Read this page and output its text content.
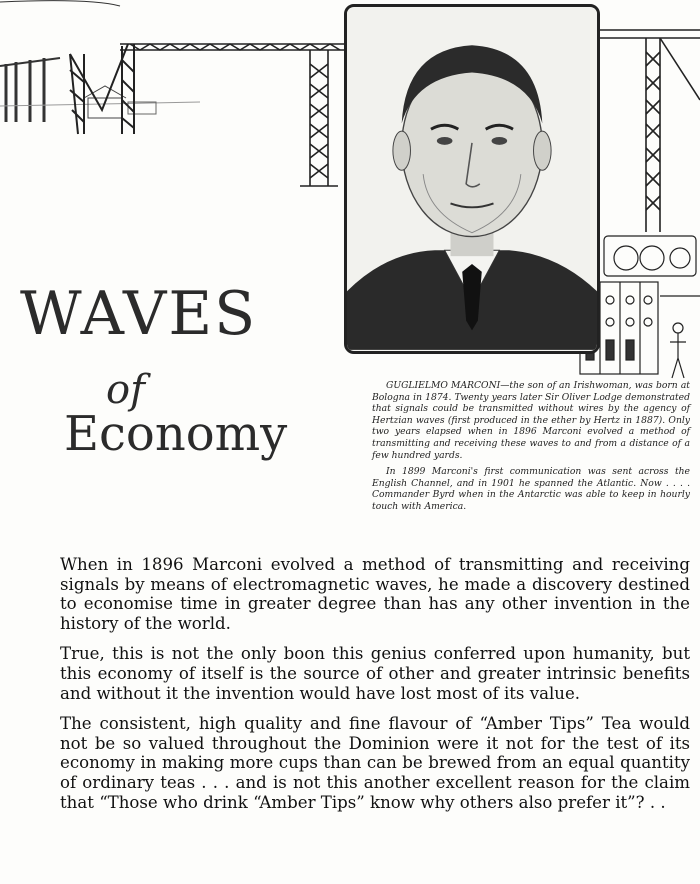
WAVES
of
Economy

GUGLIELMO MARCONI—the son of an Irishwoman, was born at Bologna in 1874. Twenty years later Sir Oliver Lodge demonstrated that signals could be transmitted without wires by the agency of Hertzian waves (first produced in the ether by Hertz in 1887). Only two years elapsed when in 1896 Marconi evolved a method of transmitting and receiving these waves to and from a distance of a few hundred yards.

In 1899 Marconi's first communication was sent across the English Channel, and in 1901 he spanned the Atlantic. Now . . . . Commander Byrd when in the Antarctic was able to keep in hourly touch with America.

When in 1896 Marconi evolved a method of transmitting and receiving signals by means of electromagnetic waves, he made a discovery destined to economise time in greater degree than has any other invention in the history of the world.

True, this is not the only boon this genius conferred upon humanity, but this economy of itself is the source of other and greater intrinsic benefits and without it the invention would have lost most of its value.

The consistent, high quality and fine flavour of “Amber Tips” Tea would not be so valued throughout the Dominion were it not for the test of its economy in making more cups than can be brewed from an equal quantity of ordinary teas . . . and is not this another excellent reason for the claim that “Those who drink “Amber Tips” know why others also prefer it”? . .
